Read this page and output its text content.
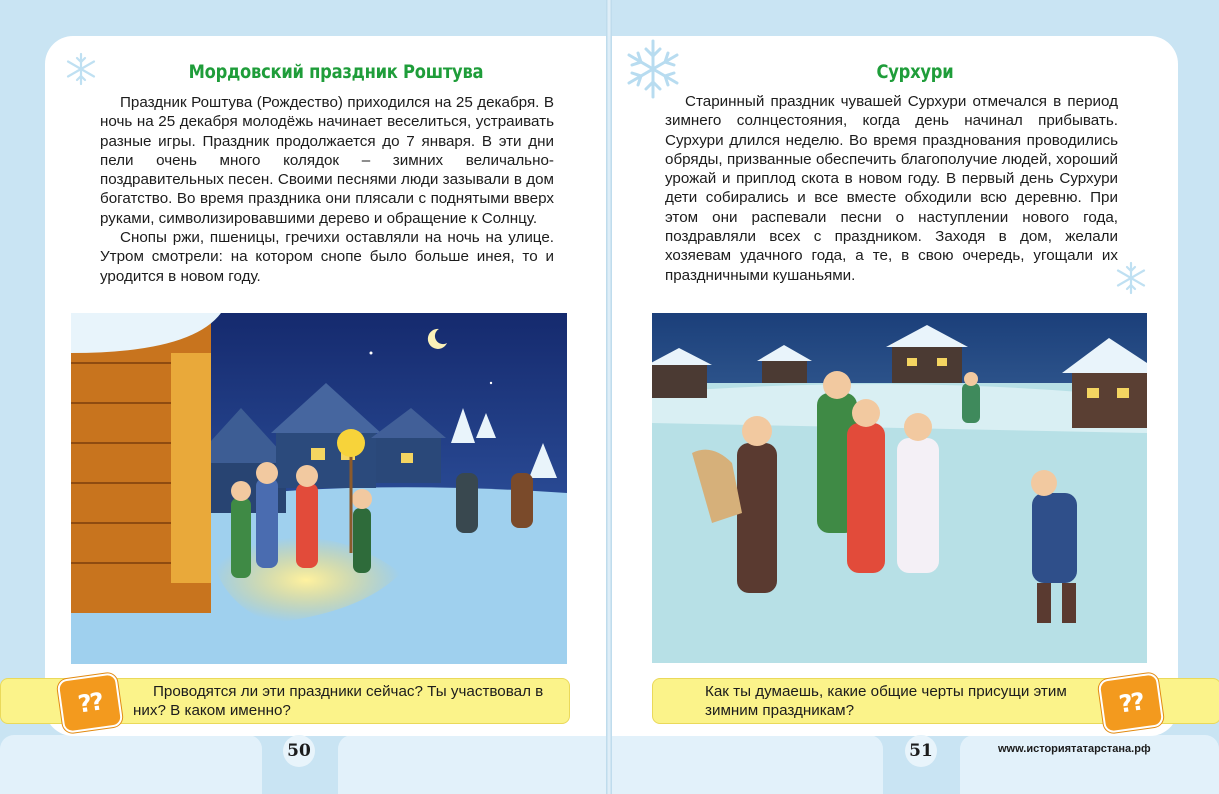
Мордовский праздник Роштува

Праздник Роштува (Рождество) приходился на 25 декабря. В ночь на 25 декабря молодёжь начинает веселиться, устраивать разные игры. Праздник продолжается до 7 января. В эти дни пели очень много колядок – зимних величально-поздравительных песен. Своими песнями люди зазывали в дом богатство. Во время праздника они плясали с поднятыми вверх руками, символизировавшими дерево и обращение к Солнцу.

Снопы ржи, пшеницы, гречихи оставляли на ночь на улице. Утром смотрели: на котором снопе было больше инея, то и уродится в новом году.

Проводятся ли эти праздники сейчас? Ты участвовал в них? В каком именно?
??
50
Сурхури

Старинный праздник чувашей Сурхури отмечался в период зимнего солнцестояния, когда день начинал прибывать. Сурхури длился неделю. Во время празднования проводились обряды, призванные обеспечить благополучие людей, хороший урожай и приплод скота в новом году. В первый день Сурхури дети собирались и все вместе обходили всю деревню. При этом они распевали песни о наступлении нового года, поздравляли всех с праздником. Заходя в дом, желали хозяевам удачного года, а те, в свою очередь, угощали их праздничными кушаньями.

Как ты думаешь, какие общие черты присущи этим зимним праздникам?	??
51	www.историятатарстана.рф
